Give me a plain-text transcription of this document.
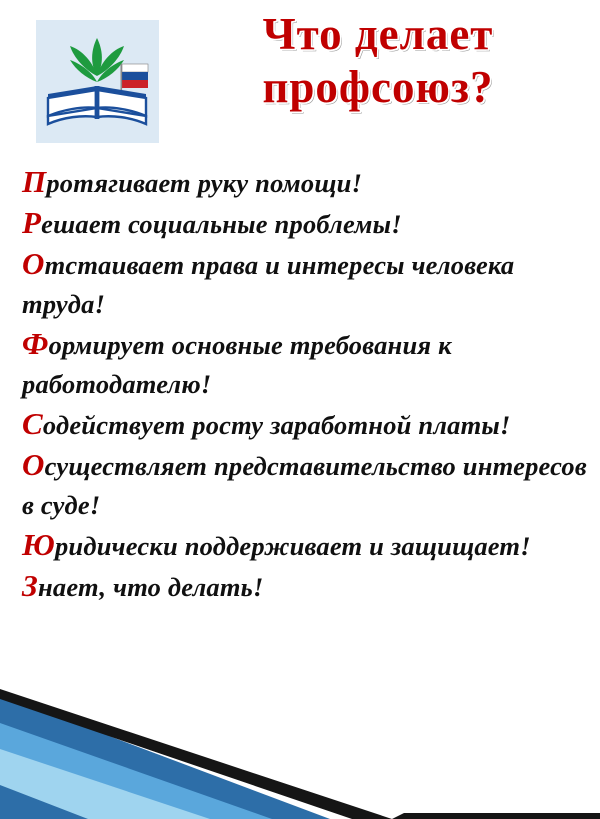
Что делает
профсоюз?
Протягивает руку помощи!
Решает социальные проблемы!
Отстаивает права и интересы человека труда!
Формирует основные требования к работодателю!
Содействует росту заработной платы!
Осуществляет представительство интересов в суде!
Юридически поддерживает и защищает!
Знает, что делать!
